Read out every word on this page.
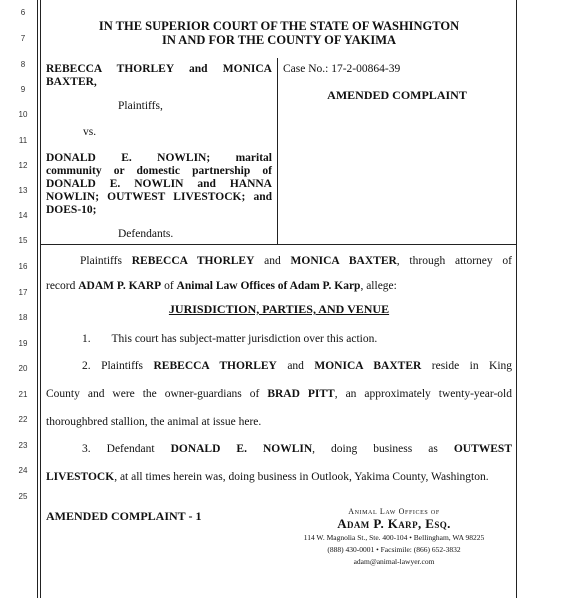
6
7
8
9
10
11
12
13
14
15
16
17
18
19
20
21
22
23
24
25
IN THE SUPERIOR COURT OF THE STATE OF WASHINGTON
IN AND FOR THE COUNTY OF YAKIMA
REBECCA THORLEY and MONICA
BAXTER,
Plaintiffs,
vs.
DONALD E. NOWLIN; marital
community or domestic partnership of
DONALD E. NOWLIN and HANNA
NOWLIN; OUTWEST LIVESTOCK; and
DOES-10;
Defendants.
Case No.: 17-2-00864-39
AMENDED COMPLAINT
Plaintiffs REBECCA THORLEY and MONICA BAXTER, through attorney of
record ADAM P. KARP of Animal Law Offices of Adam P. Karp, allege:
JURISDICTION, PARTIES, AND VENUE
1. This court has subject-matter jurisdiction over this action.
2. Plaintiffs REBECCA THORLEY and MONICA BAXTER reside in King
County and were the owner-guardians of BRAD PITT, an approximately twenty-year-old
thoroughbred stallion, the animal at issue here.
3. Defendant DONALD E. NOWLIN, doing business as OUTWEST
LIVESTOCK, at all times herein was, doing business in Outlook, Yakima County, Washington.
AMENDED COMPLAINT - 1	Animal Law Offices of
Adam P. Karp, Esq.
114 W. Magnolia St., Ste. 400-104 • Bellingham, WA 98225
(888) 430-0001 • Facsimile: (866) 652-3832
adam@animal-lawyer.com
